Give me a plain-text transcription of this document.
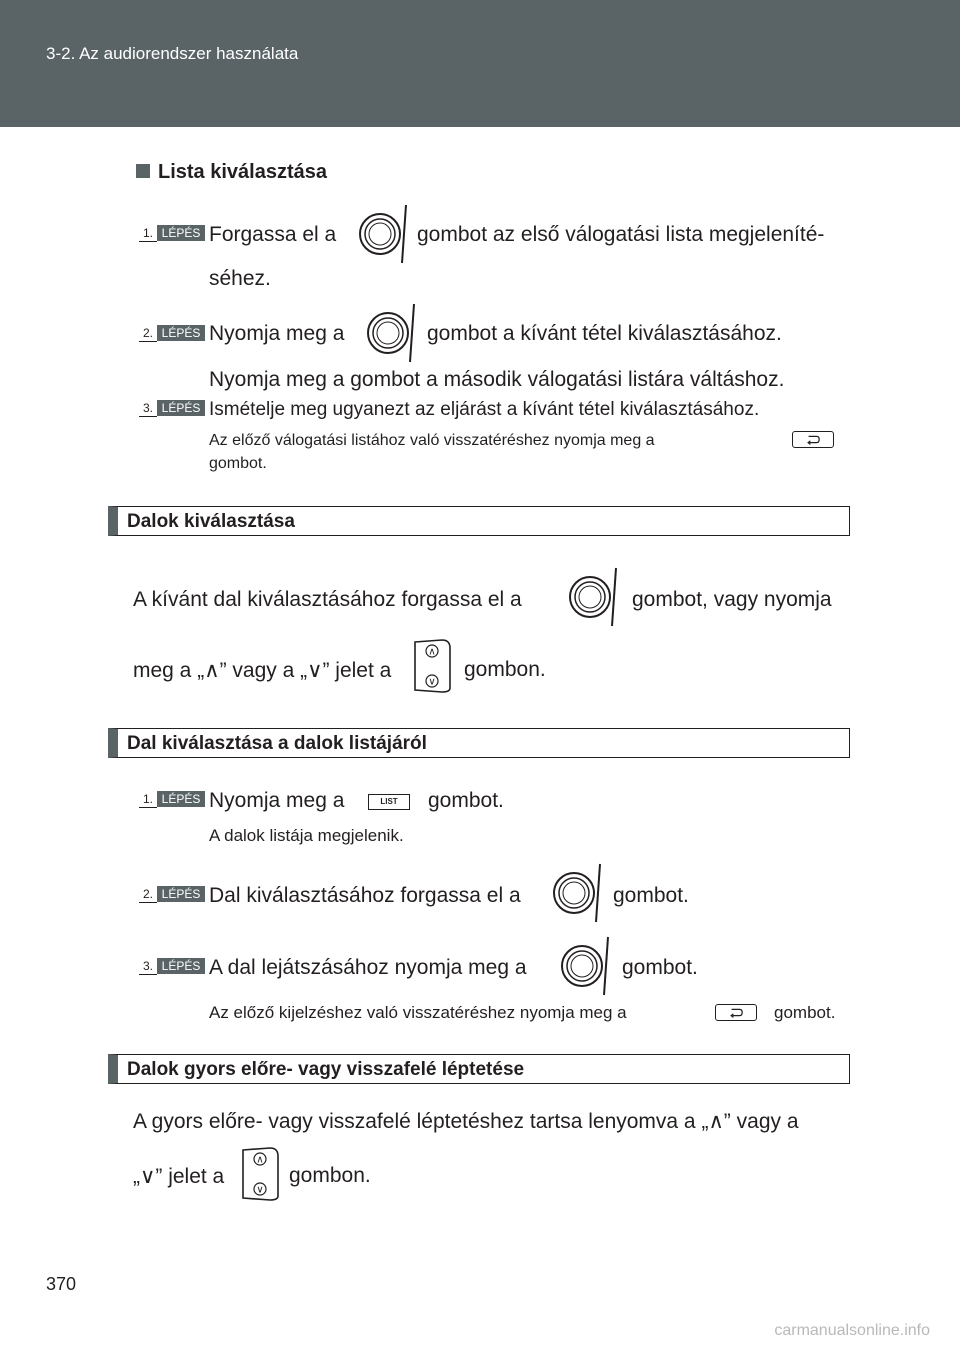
3-2. Az audiorendszer használata
Lista kiválasztása
1. LÉPÉS Forgassa el a	gombot az első válogatási lista megjeleníté-
séhez.
2. LÉPÉS Nyomja meg a	gombot a kívánt tétel kiválasztásához.
Nyomja meg a gombot a második válogatási listára váltáshoz.
3. LÉPÉS Ismételje meg ugyanezt az eljárást a kívánt tétel kiválasztásához.
Az előző válogatási listához való visszatéréshez nyomja meg a
gombot.
Dalok kiválasztása
A kívánt dal kiválasztásához forgassa el a	gombot, vagy nyomja
meg a „∧” vagy a „∨” jelet a
∧
∨
gombon.
Dal kiválasztása a dalok listájáról
1. LÉPÉS Nyomja meg a	LIST	gombot.
A dalok listája megjelenik.
2. LÉPÉS Dal kiválasztásához forgassa el a	gombot.
3. LÉPÉS A dal lejátszásához nyomja meg a	gombot.
Az előző kijelzéshez való visszatéréshez nyomja meg a	gombot.
Dalok gyors előre- vagy visszafelé léptetése
A gyors előre- vagy visszafelé léptetéshez tartsa lenyomva a „∧” vagy a
„∨” jelet a
∧
∨
gombon.
370
carmanualsonline.info
